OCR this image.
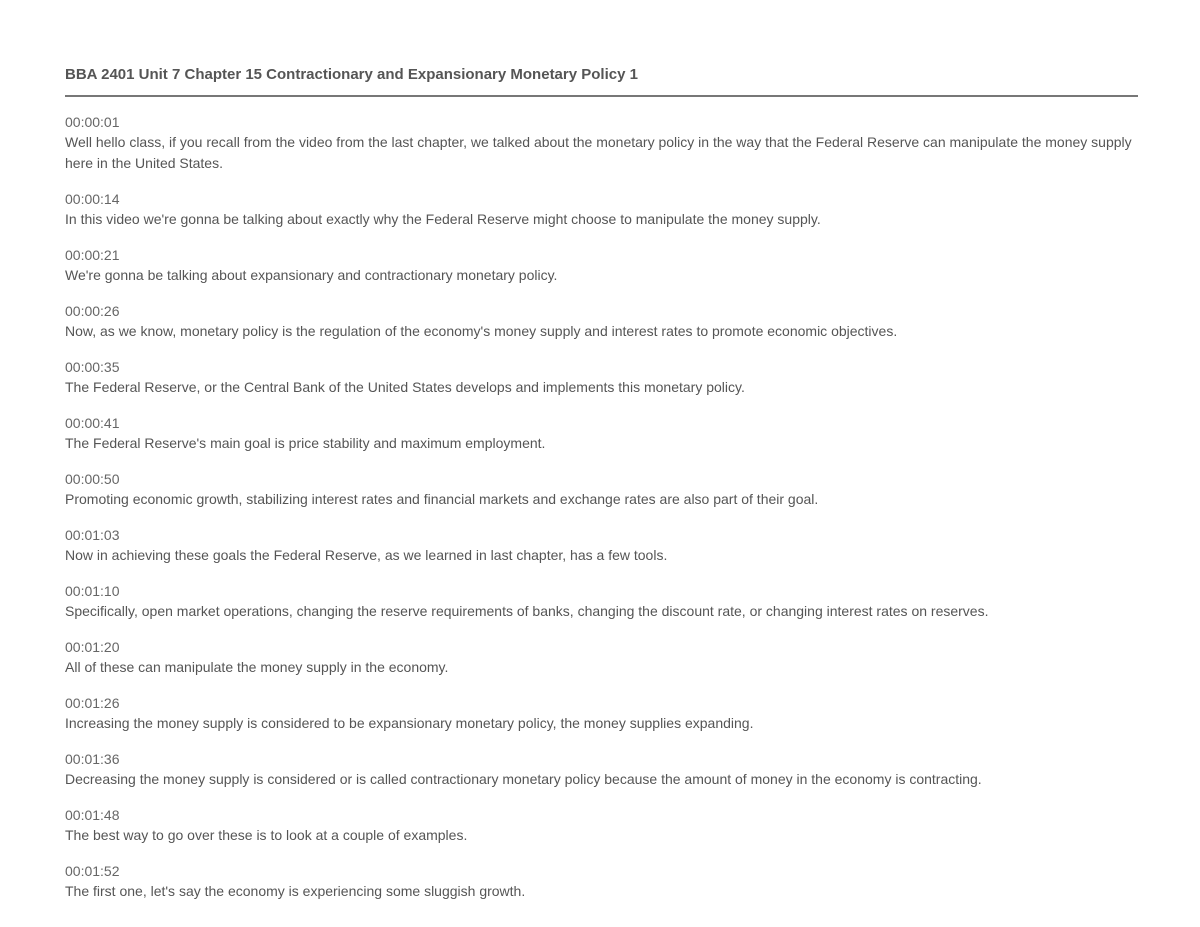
BBA 2401 Unit 7 Chapter 15 Contractionary and Expansionary Monetary Policy 1
00:00:01
Well hello class, if you recall from the video from the last chapter, we talked about the monetary policy in the way that the Federal Reserve can manipulate the money supply here in the United States.
00:00:14
In this video we're gonna be talking about exactly why the Federal Reserve might choose to manipulate the money supply.
00:00:21
We're gonna be talking about expansionary and contractionary monetary policy.
00:00:26
Now, as we know, monetary policy is the regulation of the economy's money supply and interest rates to promote economic objectives.
00:00:35
The Federal Reserve, or the Central Bank of the United States develops and implements this monetary policy.
00:00:41
The Federal Reserve's main goal is price stability and maximum employment.
00:00:50
Promoting economic growth, stabilizing interest rates and financial markets and exchange rates are also part of their goal.
00:01:03
Now in achieving these goals the Federal Reserve, as we learned in last chapter, has a few tools.
00:01:10
Specifically, open market operations, changing the reserve requirements of banks, changing the discount rate, or changing interest rates on reserves.
00:01:20
All of these can manipulate the money supply in the economy.
00:01:26
Increasing the money supply is considered to be expansionary monetary policy, the money supplies expanding.
00:01:36
Decreasing the money supply is considered or is called contractionary monetary policy because the amount of money in the economy is contracting.
00:01:48
The best way to go over these is to look at a couple of examples.
00:01:52
The first one, let's say the economy is experiencing some sluggish growth.
